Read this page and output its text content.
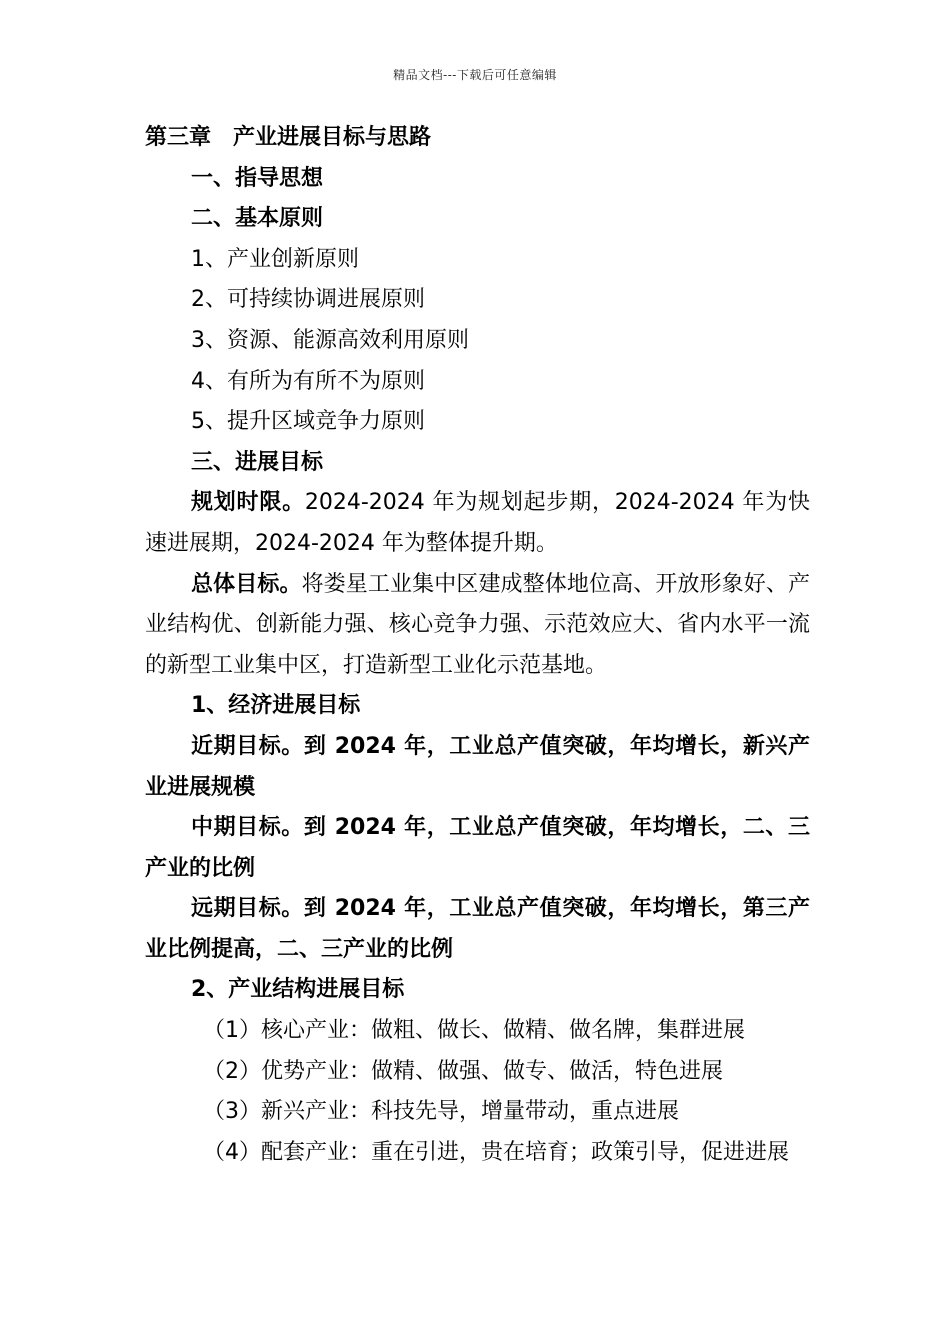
精品文档---下载后可任意编辑

第三章　产业进展目标与思路

一、指导思想

二、基本原则

1、产业创新原则

2、可持续协调进展原则

3、资源、能源高效利用原则

4、有所为有所不为原则

5、提升区域竞争力原则

三、进展目标

规划时限。2024-2024 年为规划起步期，2024-2024 年为快速进展期，2024-2024 年为整体提升期。

总体目标。将娄星工业集中区建成整体地位高、开放形象好、产业结构优、创新能力强、核心竞争力强、示范效应大、省内水平一流的新型工业集中区，打造新型工业化示范基地。

1、经济进展目标

近期目标。到 2024 年，工业总产值突破，年均增长，新兴产业进展规模

中期目标。到 2024 年，工业总产值突破，年均增长，二、三产业的比例

远期目标。到 2024 年，工业总产值突破，年均增长，第三产业比例提高，二、三产业的比例

2、产业结构进展目标

（1）核心产业：做粗、做长、做精、做名牌，集群进展

（2）优势产业：做精、做强、做专、做活，特色进展

（3）新兴产业：科技先导，增量带动，重点进展

（4）配套产业：重在引进，贵在培育；政策引导，促进进展
